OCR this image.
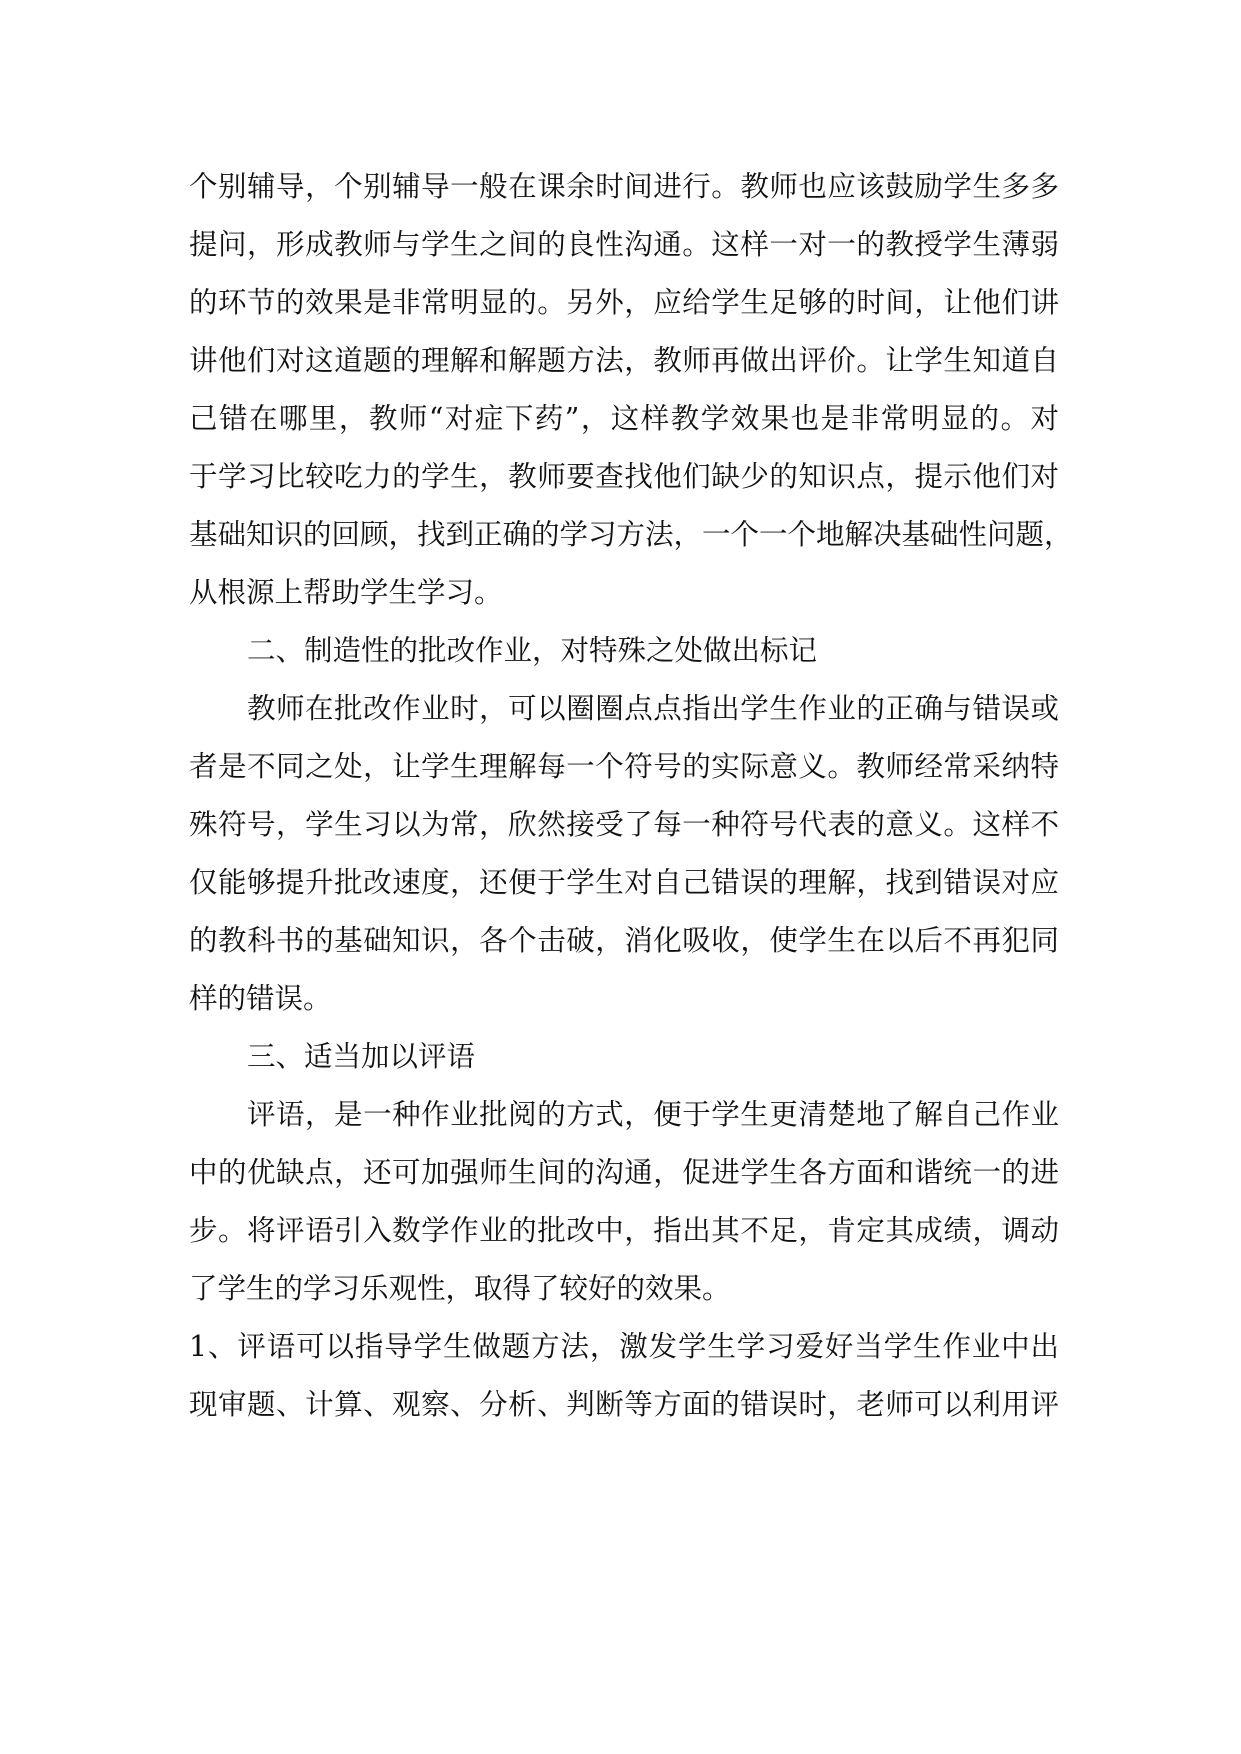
个别辅导，个别辅导一般在课余时间进行。教师也应该鼓励学生多多
提问，形成教师与学生之间的良性沟通。这样一对一的教授学生薄弱
的环节的效果是非常明显的。另外，应给学生足够的时间，让他们讲
讲他们对这道题的理解和解题方法，教师再做出评价。让学生知道自
己错在哪里，教师“对症下药”，这样教学效果也是非常明显的。对
于学习比较吃力的学生，教师要查找他们缺少的知识点，提示他们对
基础知识的回顾，找到正确的学习方法，一个一个地解决基础性问题，
从根源上帮助学生学习。
二、制造性的批改作业，对特殊之处做出标记
教师在批改作业时，可以圈圈点点指出学生作业的正确与错误或
者是不同之处，让学生理解每一个符号的实际意义。教师经常采纳特
殊符号，学生习以为常，欣然接受了每一种符号代表的意义。这样不
仅能够提升批改速度，还便于学生对自己错误的理解，找到错误对应
的教科书的基础知识，各个击破，消化吸收，使学生在以后不再犯同
样的错误。
三、适当加以评语
评语，是一种作业批阅的方式，便于学生更清楚地了解自己作业
中的优缺点，还可加强师生间的沟通，促进学生各方面和谐统一的进
步。将评语引入数学作业的批改中，指出其不足，肯定其成绩，调动
了学生的学习乐观性，取得了较好的效果。
1、评语可以指导学生做题方法，激发学生学习爱好当学生作业中出
现审题、计算、观察、分析、判断等方面的错误时，老师可以利用评
